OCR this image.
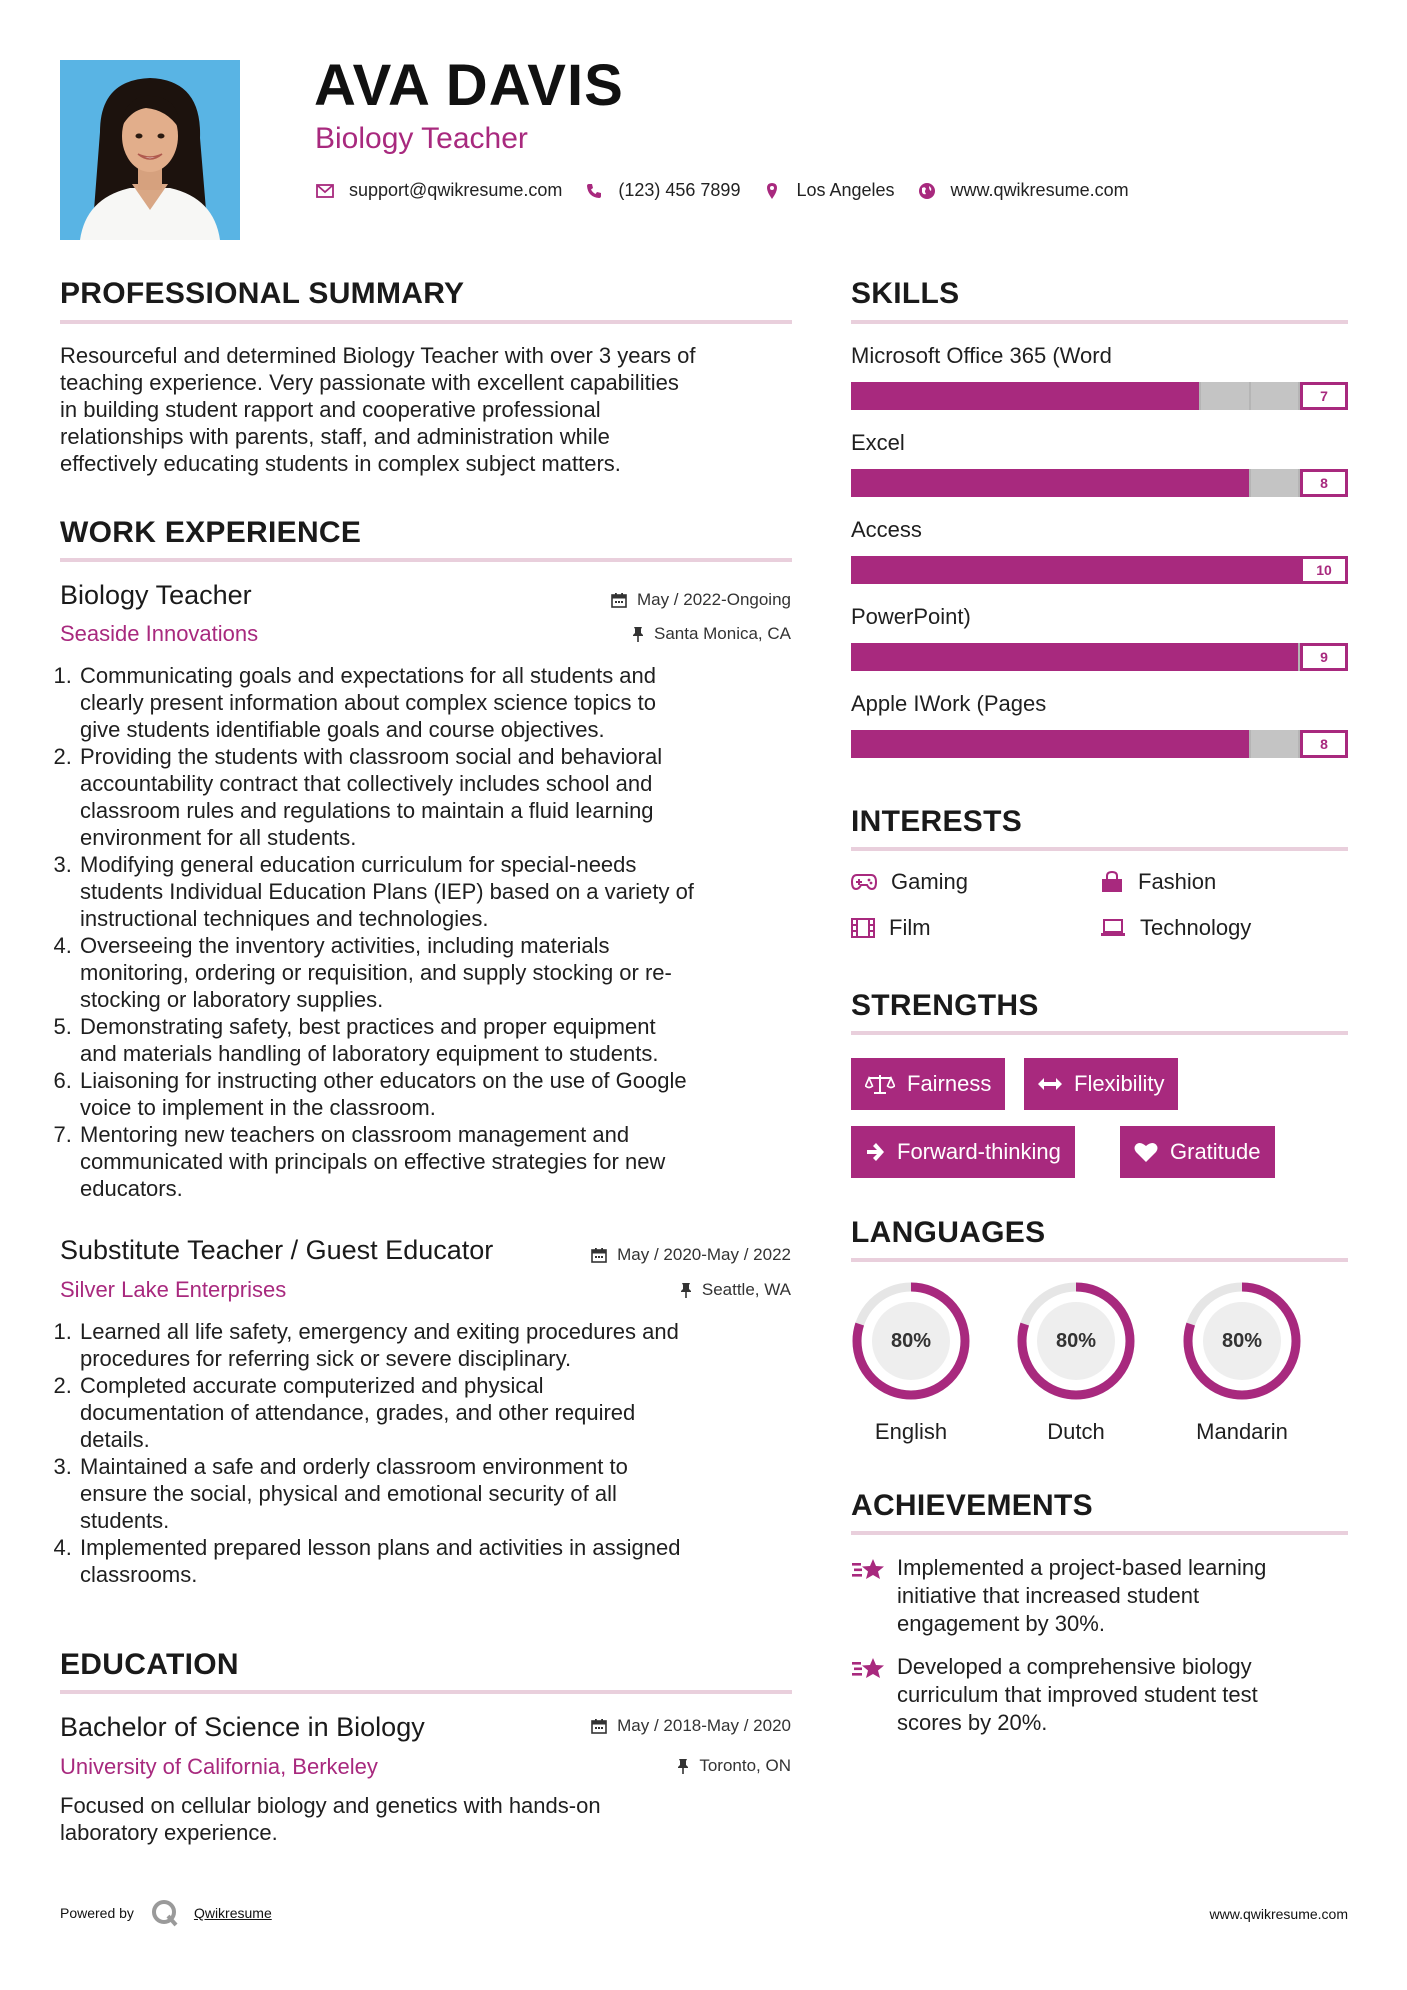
AVA DAVIS
Biology Teacher
support@qwikresume.com	(123) 456 7899	Los Angeles	www.qwikresume.com
PROFESSIONAL SUMMARY
Resourceful and determined Biology Teacher with over 3 years of
teaching experience. Very passionate with excellent capabilities
in building student rapport and cooperative professional
relationships with parents, staff, and administration while
effectively educating students in complex subject matters.
WORK EXPERIENCE
Biology Teacher	May / 2022-Ongoing
Seaside Innovations	Santa Monica, CA
1. Communicating goals and expectations for all students and
clearly present information about complex science topics to
give students identifiable goals and course objectives.
2. Providing the students with classroom social and behavioral
accountability contract that collectively includes school and
classroom rules and regulations to maintain a fluid learning
environment for all students.
3. Modifying general education curriculum for special-needs
students Individual Education Plans (IEP) based on a variety of
instructional techniques and technologies.
4. Overseeing the inventory activities, including materials
monitoring, ordering or requisition, and supply stocking or re-
stocking or laboratory supplies.
5. Demonstrating safety, best practices and proper equipment
and materials handling of laboratory equipment to students.
6. Liaisoning for instructing other educators on the use of Google
voice to implement in the classroom.
7. Mentoring new teachers on classroom management and
communicated with principals on effective strategies for new
educators.
Substitute Teacher / Guest Educator	May / 2020-May / 2022
Silver Lake Enterprises	Seattle, WA
1. Learned all life safety, emergency and exiting procedures and
procedures for referring sick or severe disciplinary.
2. Completed accurate computerized and physical
documentation of attendance, grades, and other required
details.
3. Maintained a safe and orderly classroom environment to
ensure the social, physical and emotional security of all
students.
4. Implemented prepared lesson plans and activities in assigned
classrooms.
EDUCATION
Bachelor of Science in Biology	May / 2018-May / 2020
University of California, Berkeley	Toronto, ON
Focused on cellular biology and genetics with hands-on
laboratory experience.
SKILLS
Microsoft Office 365 (Word
7
Excel
8
Access
10
PowerPoint)
9
Apple IWork (Pages
8
INTERESTS
Gaming	Fashion
Film	Technology
STRENGTHS
Fairness	Flexibility
Forward-thinking	Gratitude
LANGUAGES
80%
English
80%
Dutch
80%
Mandarin
ACHIEVEMENTS
Implemented a project-based learning
initiative that increased student
engagement by 30%.
Developed a comprehensive biology
curriculum that improved student test
scores by 20%.
Powered by	Qwikresume	www.qwikresume.com
